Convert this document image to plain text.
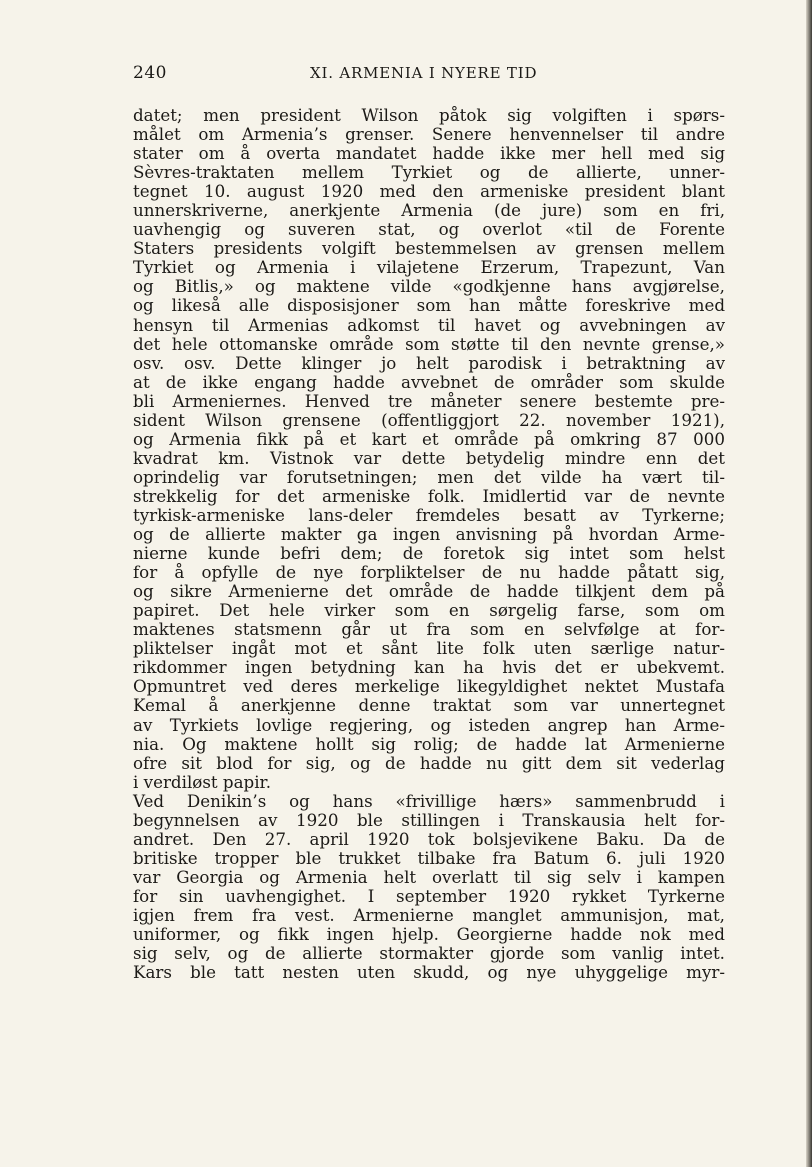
240	XI. ARMENIA I NYERE TID
datet; men president Wilson påtok sig volgiften i spørs-
målet om Armenia’s grenser. Senere henvennelser til andre
stater om å overta mandatet hadde ikke mer hell med sig
Sèvres-traktaten mellem Tyrkiet og de allierte, unner-
tegnet 10. august 1920 med den armeniske president blant
unnerskriverne, anerkjente Armenia (de jure) som en fri,
uavhengig og suveren stat, og overlot «til de Forente
Staters presidents volgift bestemmelsen av grensen mellem
Tyrkiet og Armenia i vilajetene Erzerum, Trapezunt, Van
og Bitlis,» og maktene vilde «godkjenne hans avgjørelse,
og likeså alle disposisjoner som han måtte foreskrive med
hensyn til Armenias adkomst til havet og avvebningen av
det hele ottomanske område som støtte til den nevnte grense,»
osv. osv. Dette klinger jo helt parodisk i betraktning av
at de ikke engang hadde avvebnet de områder som skulde
bli Armeniernes. Henved tre måneter senere bestemte pre-
sident Wilson grensene (offentliggjort 22. november 1921),
og Armenia fikk på et kart et område på omkring 87 000
kvadrat km. Vistnok var dette betydelig mindre enn det
oprindelig var forutsetningen; men det vilde ha vært til-
strekkelig for det armeniske folk. Imidlertid var de nevnte
tyrkisk-armeniske lans-deler fremdeles besatt av Tyrkerne;
og de allierte makter ga ingen anvisning på hvordan Arme-
nierne kunde befri dem; de foretok sig intet som helst
for å opfylle de nye forpliktelser de nu hadde påtatt sig,
og sikre Armenierne det område de hadde tilkjent dem på
papiret. Det hele virker som en sørgelig farse, som om
maktenes statsmenn går ut fra som en selvfølge at for-
pliktelser ingåt mot et sånt lite folk uten særlige natur-
rikdommer ingen betydning kan ha hvis det er ubekvemt.
Opmuntret ved deres merkelige likegyldighet nektet Mustafa
Kemal å anerkjenne denne traktat som var unnertegnet
av Tyrkiets lovlige regjering, og isteden angrep han Arme-
nia. Og maktene hollt sig rolig; de hadde lat Armenierne
ofre sit blod for sig, og de hadde nu gitt dem sit vederlag
i verdiløst papir.
Ved Denikin’s og hans «frivillige hærs» sammenbrudd i
begynnelsen av 1920 ble stillingen i Transkausia helt for-
andret. Den 27. april 1920 tok bolsjevikene Baku. Da de
britiske tropper ble trukket tilbake fra Batum 6. juli 1920
var Georgia og Armenia helt overlatt til sig selv i kampen
for sin uavhengighet. I september 1920 rykket Tyrkerne
igjen frem fra vest. Armenierne manglet ammunisjon, mat,
uniformer, og fikk ingen hjelp. Georgierne hadde nok med
sig selv, og de allierte stormakter gjorde som vanlig intet.
Kars ble tatt nesten uten skudd, og nye uhyggelige myr-
